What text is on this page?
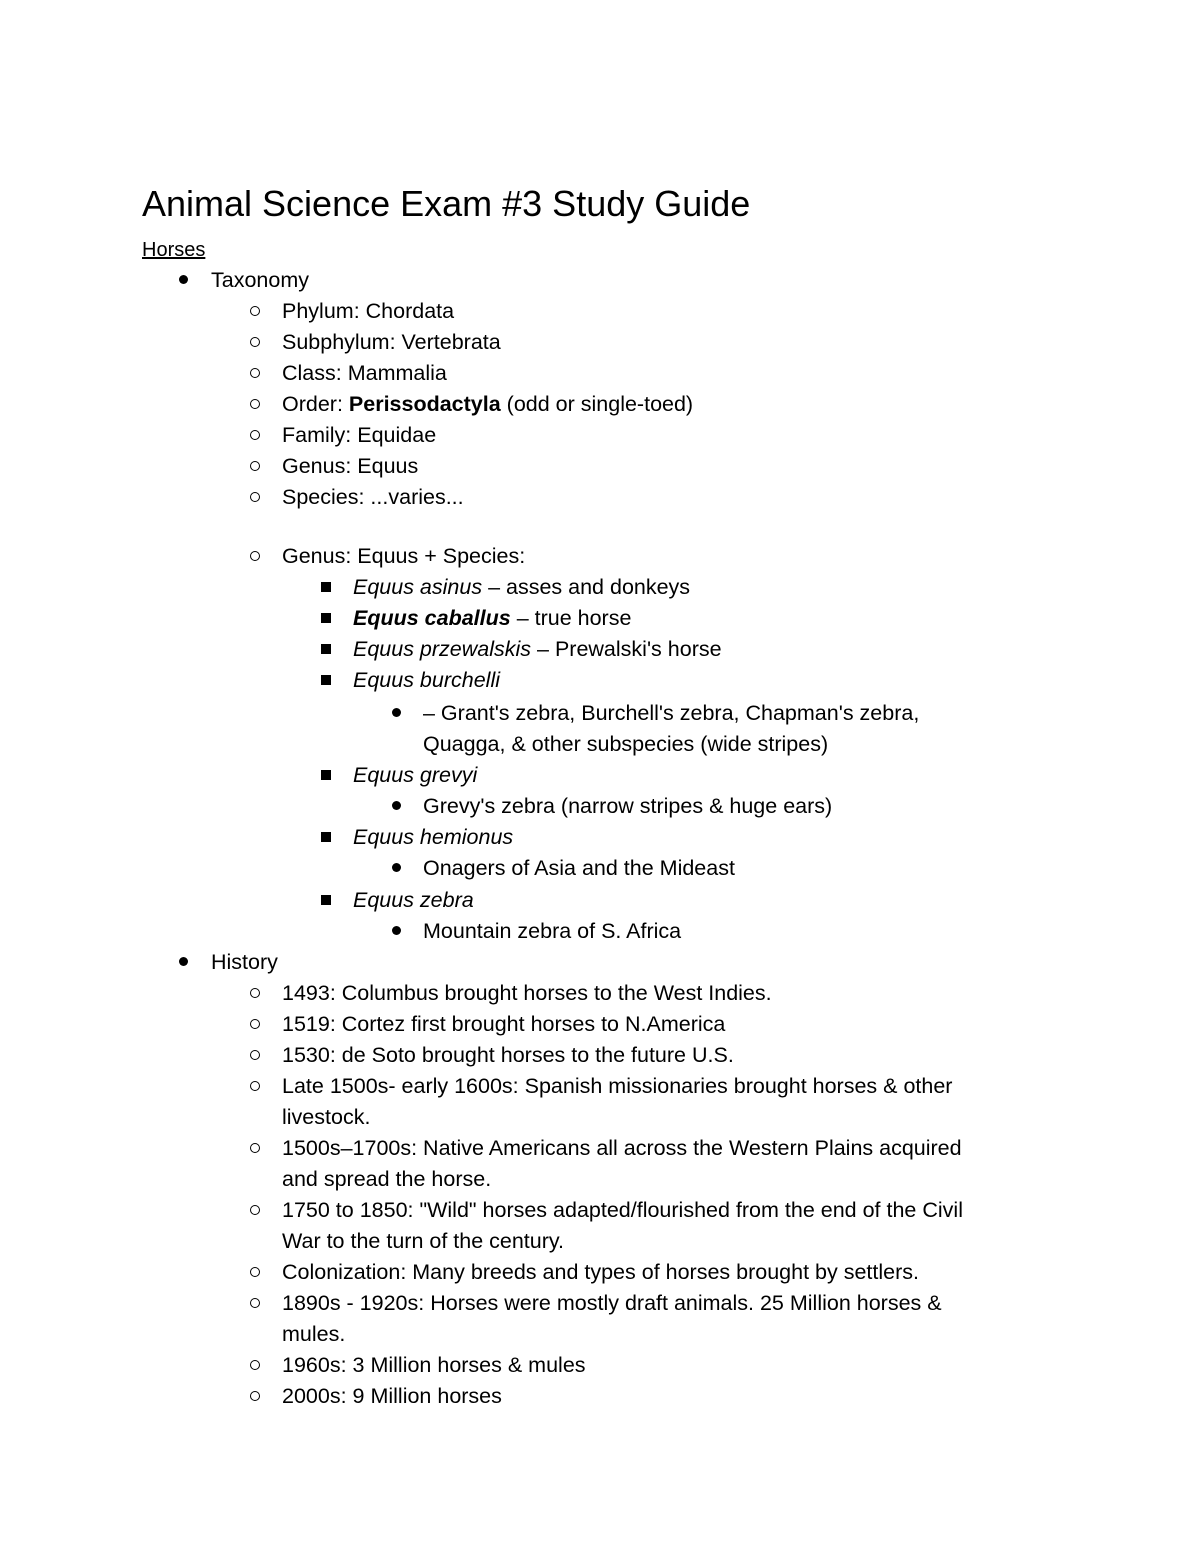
Animal Science Exam #3 Study Guide
Horses
Taxonomy
Phylum: Chordata
Subphylum: Vertebrata
Class: Mammalia
Order: Perissodactyla (odd or single-toed)
Family: Equidae
Genus: Equus
Species: ...varies...
Genus: Equus + Species:
Equus asinus – asses and donkeys
Equus caballus – true horse
Equus przewalskis – Prewalski's horse
Equus burchelli
– Grant's zebra, Burchell's zebra, Chapman's zebra,
Quagga, & other subspecies (wide stripes)
Equus grevyi
Grevy's zebra (narrow stripes & huge ears)
Equus hemionus
Onagers of Asia and the Mideast
Equus zebra
Mountain zebra of S. Africa
History
1493: Columbus brought horses to the West Indies.
1519: Cortez first brought horses to N.America
1530: de Soto brought horses to the future U.S.
Late 1500s- early 1600s: Spanish missionaries brought horses & other
livestock.
1500s–1700s: Native Americans all across the Western Plains acquired
and spread the horse.
1750 to 1850: "Wild" horses adapted/flourished from the end of the Civil
War to the turn of the century.
Colonization: Many breeds and types of horses brought by settlers.
1890s - 1920s: Horses were mostly draft animals. 25 Million horses &
mules.
1960s: 3 Million horses & mules
2000s: 9 Million horses
